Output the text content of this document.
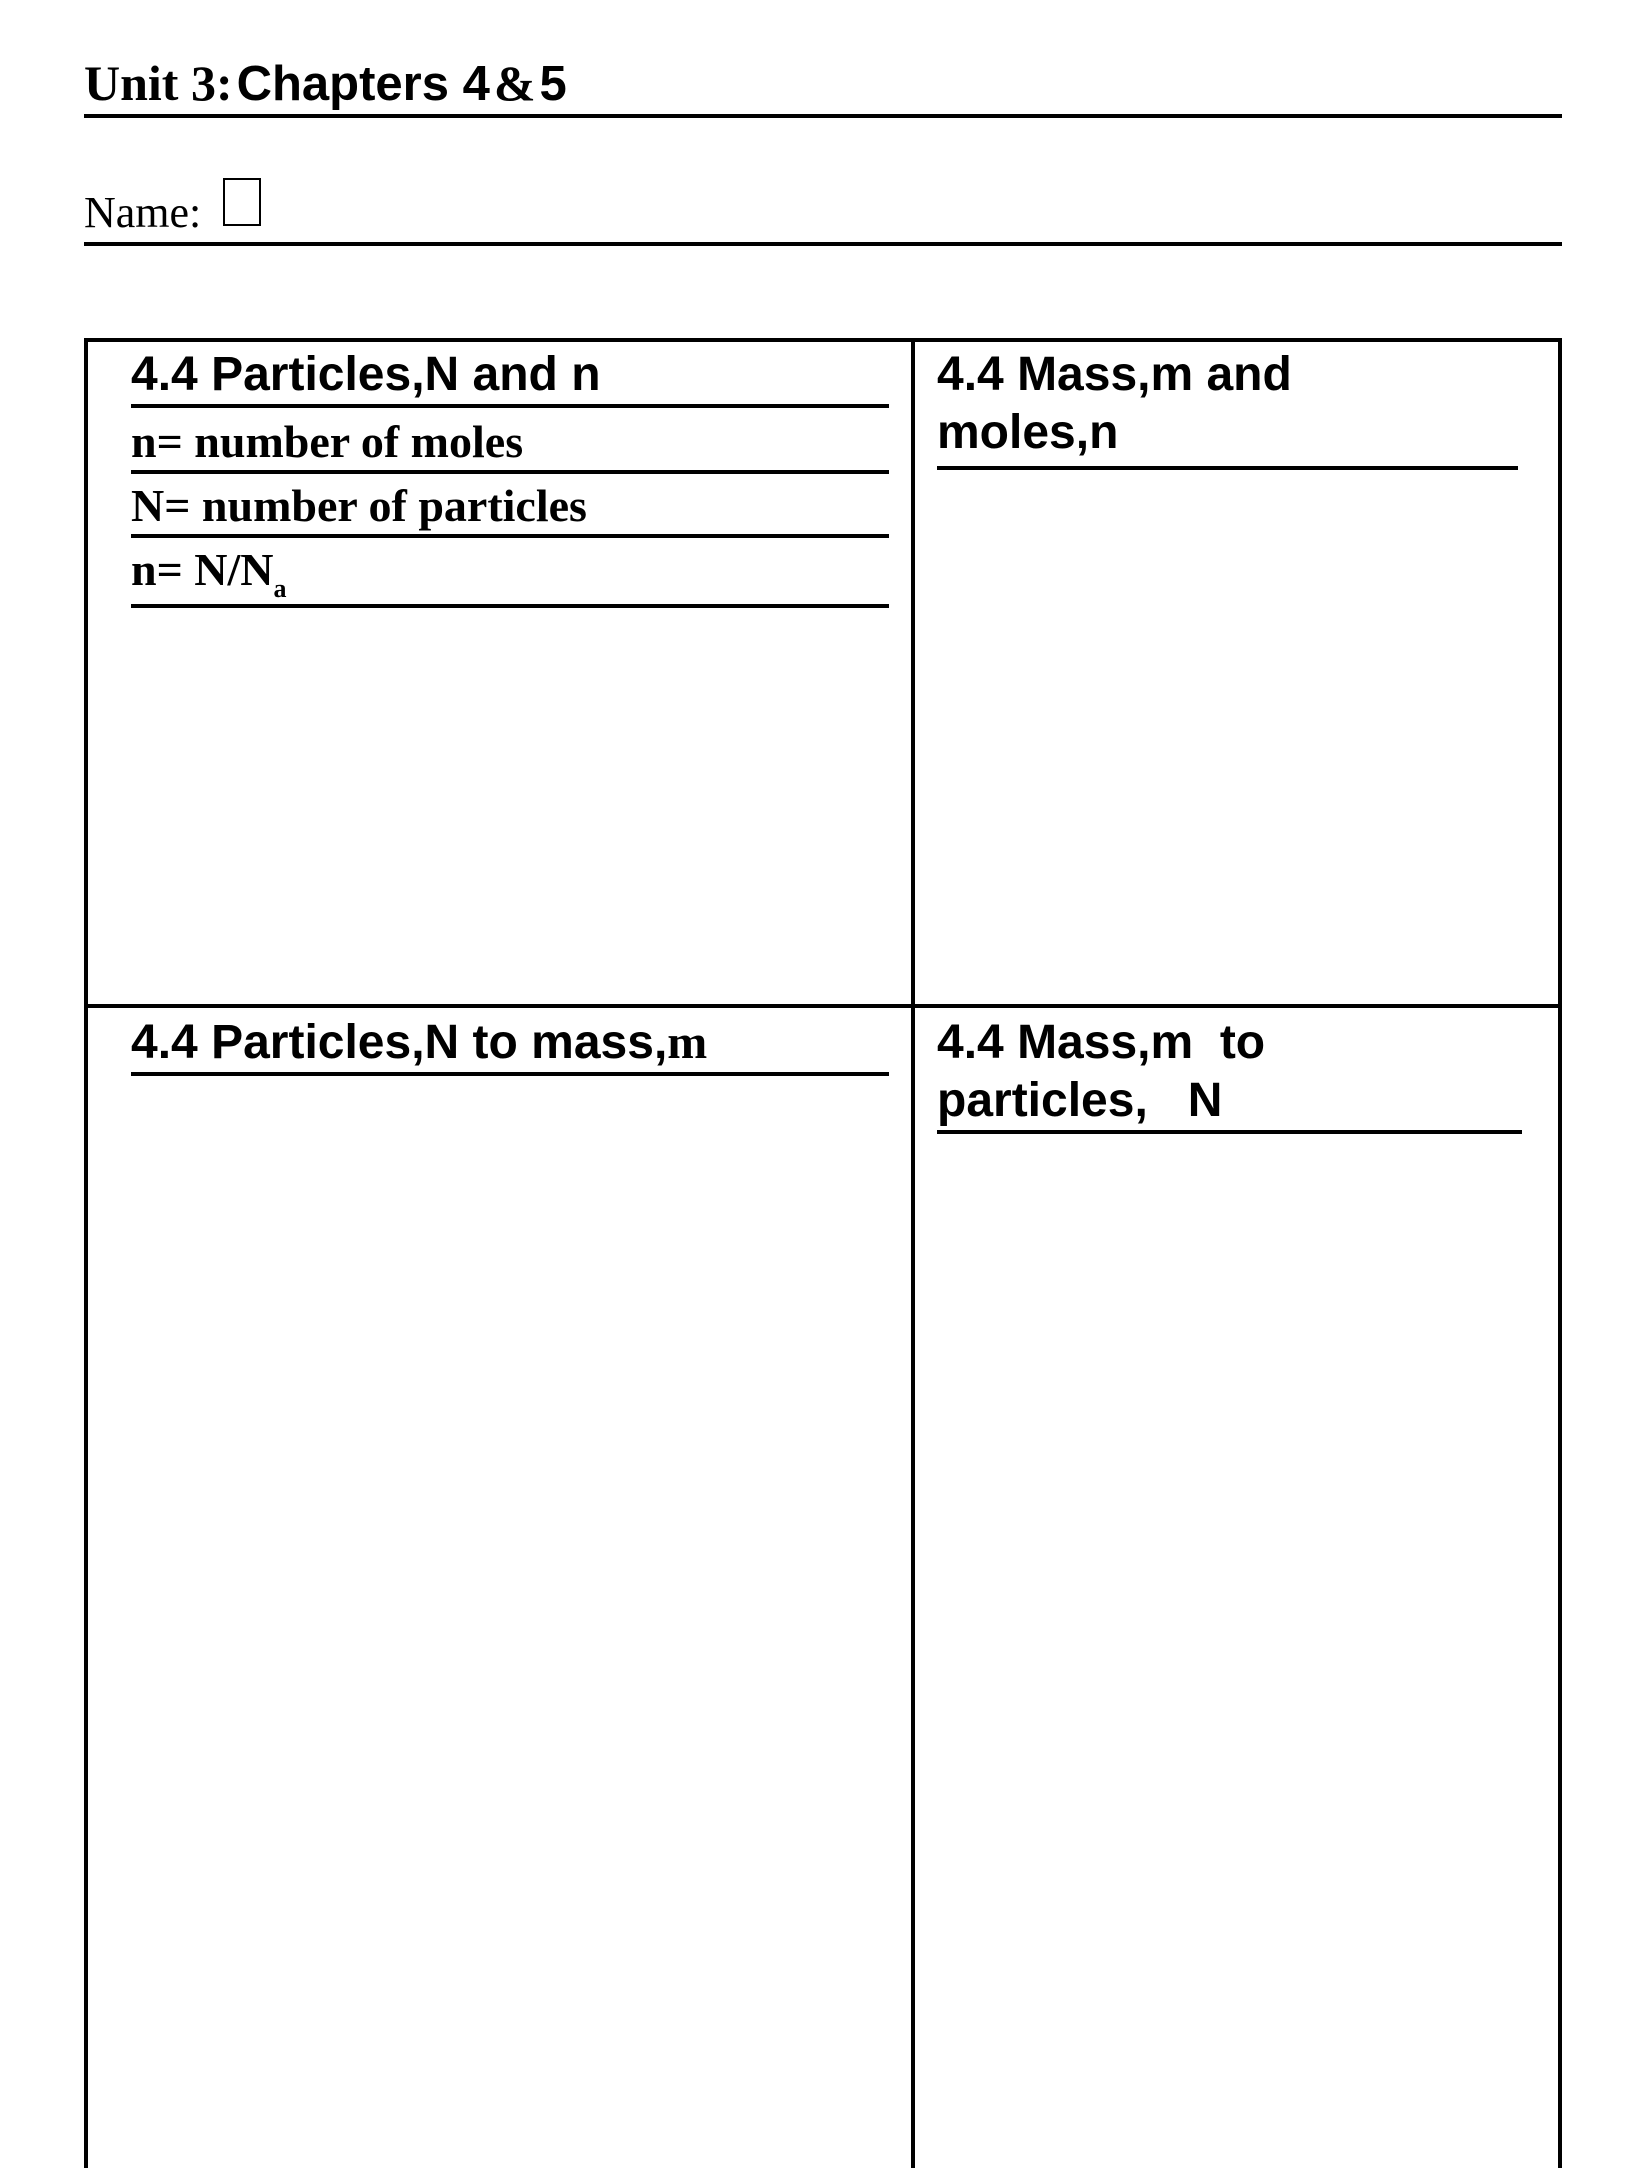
Unit 3: Chapters 4 & 5
Name:
4.4 Particles,N and n
n= number of moles
N= number of particles
$n= N/N_a$
4.4 Mass,m and
moles,n
4.4 Particles,N to mass,m	4.4 Mass,m  to
particles,   N
